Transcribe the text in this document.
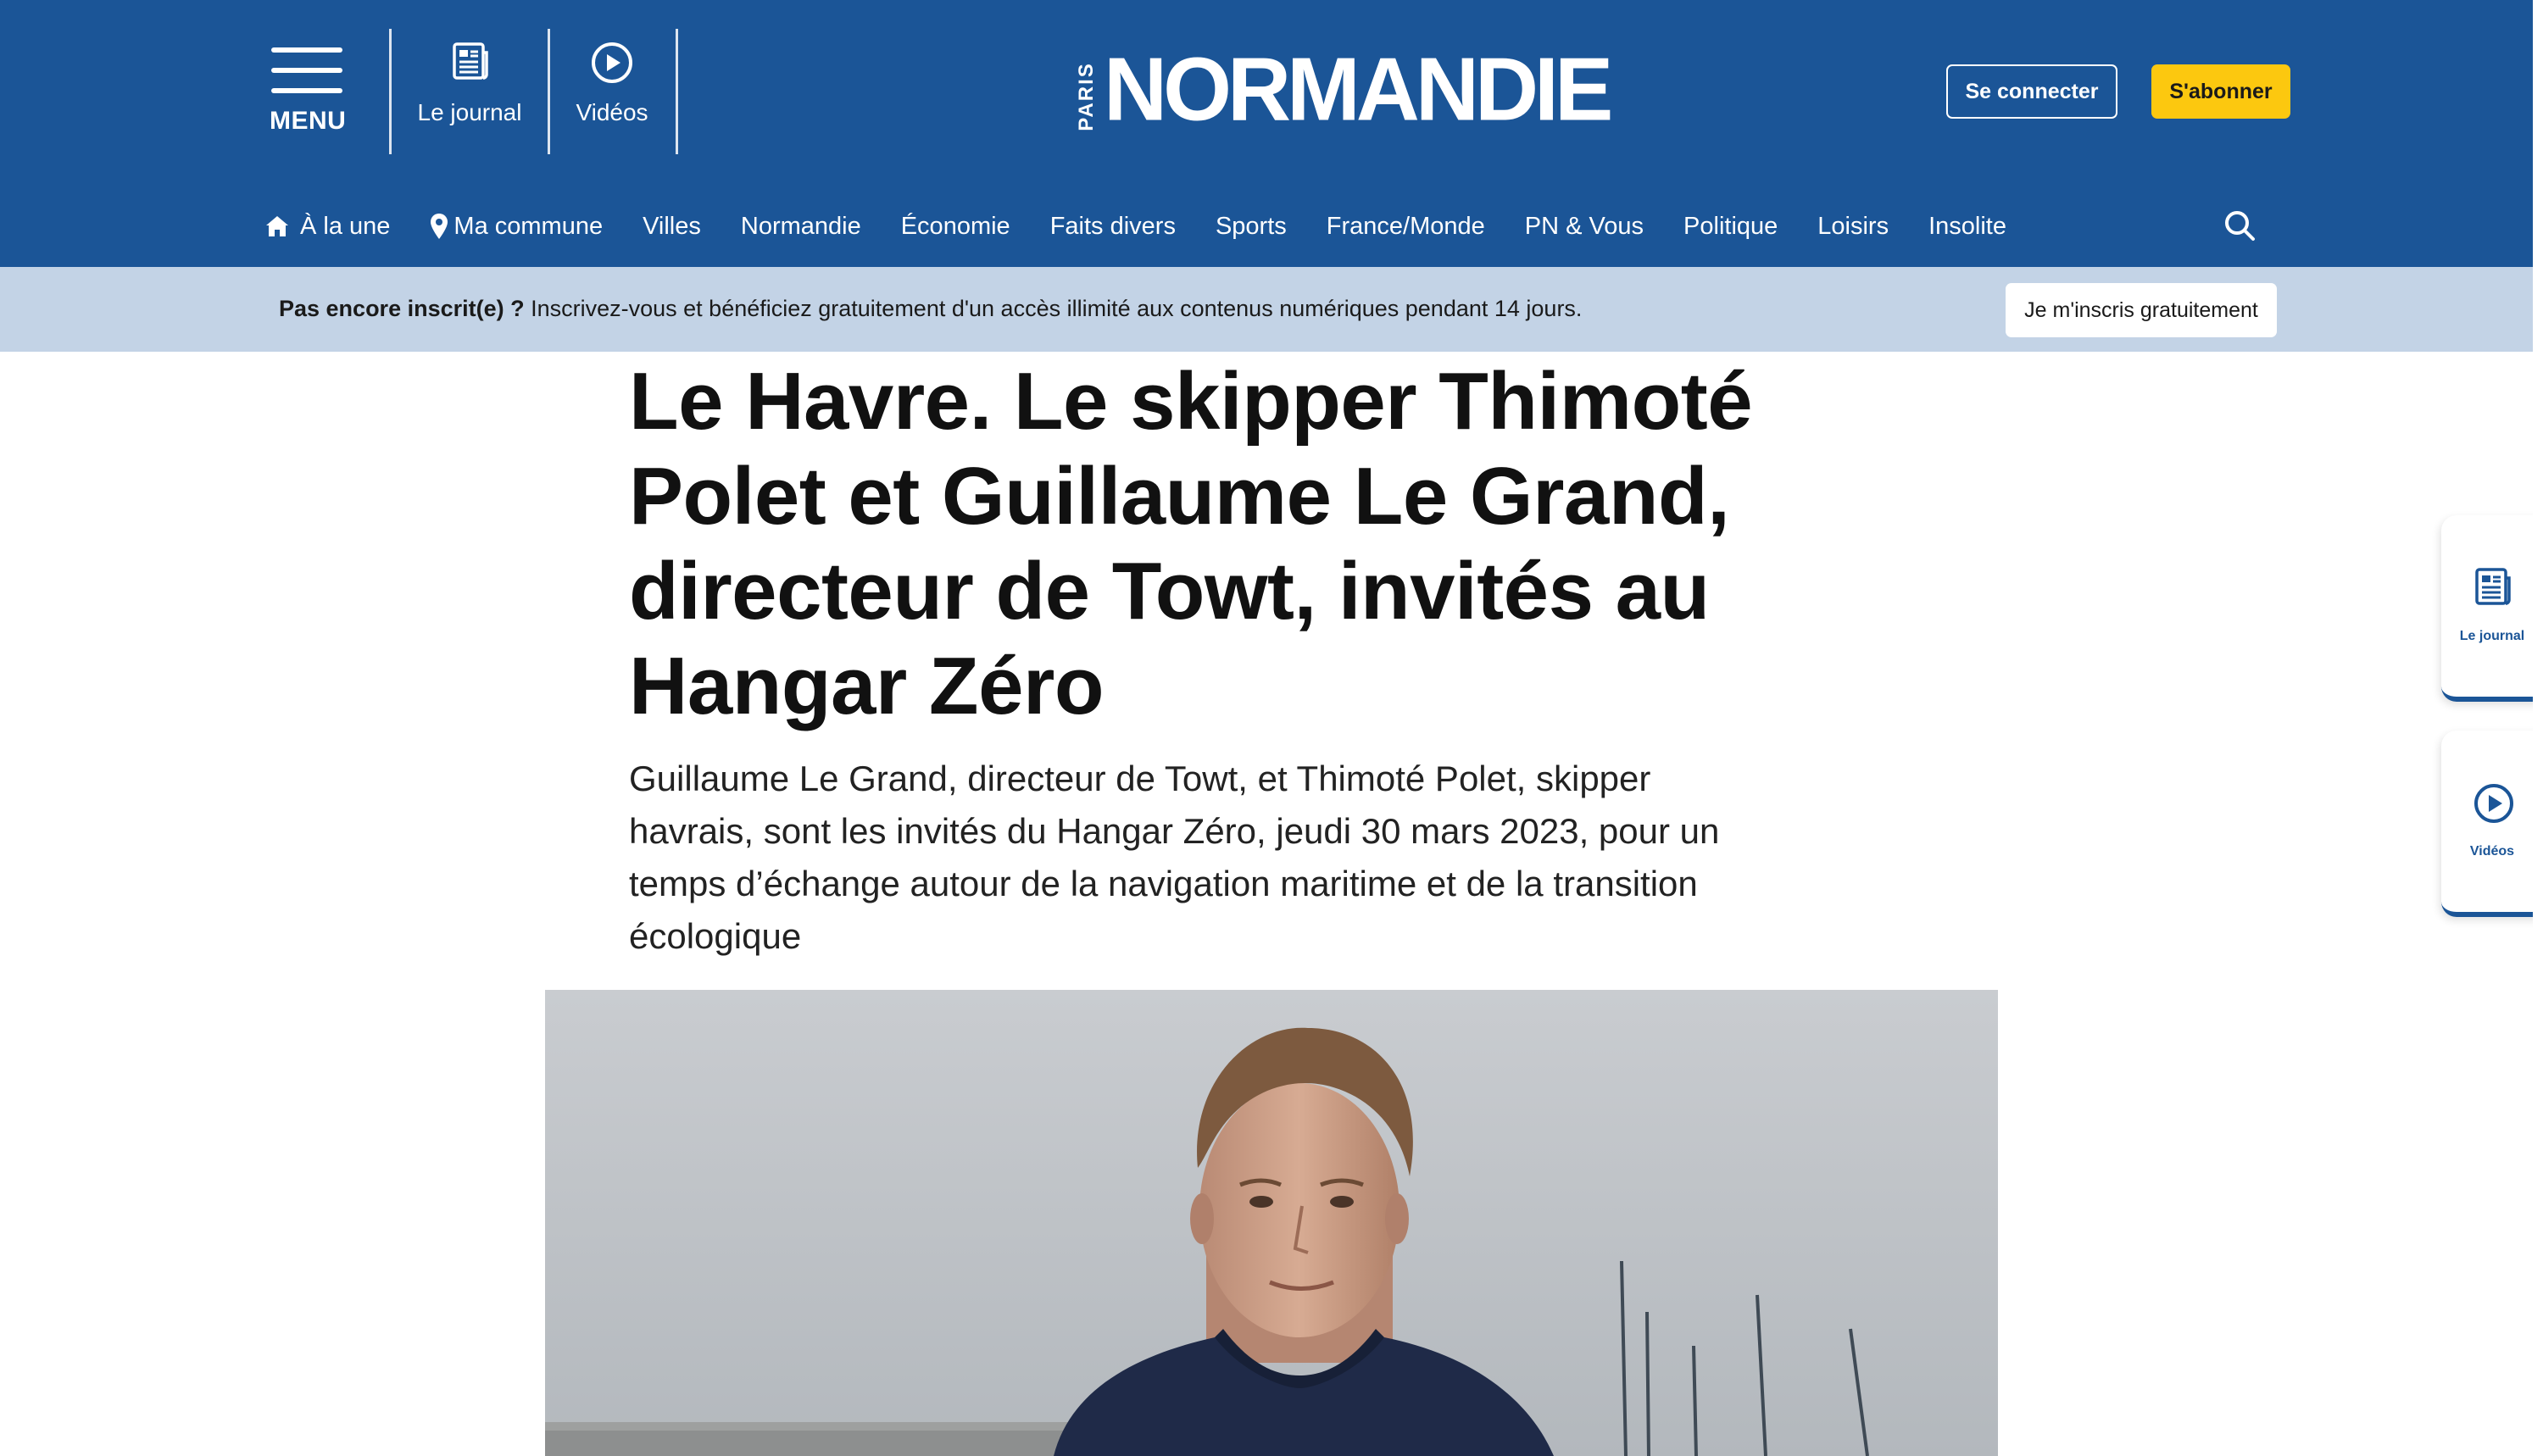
MENU	Le journal Vidéos	PARIS NORMANDIE	Se connecter	S'abonner
À la une	Ma commune Villes Normandie Économie Faits divers Sports France/Monde PN & Vous Politique Loisirs Insolite
Pas encore inscrit(e) ? Inscrivez-vous et bénéficiez gratuitement d'un accès illimité aux contenus numériques pendant 14 jours.	Je m'inscris gratuitement
Le Havre. Le skipper Thimoté Polet et Guillaume Le Grand, directeur de Towt, invités au Hangar Zéro

Guillaume Le Grand, directeur de Towt, et Thimoté Polet, skipper havrais, sont les invités du Hangar Zéro, jeudi 30 mars 2023, pour un temps d’échange autour de la navigation maritime et de la transition écologique

Le journal
Vidéos
